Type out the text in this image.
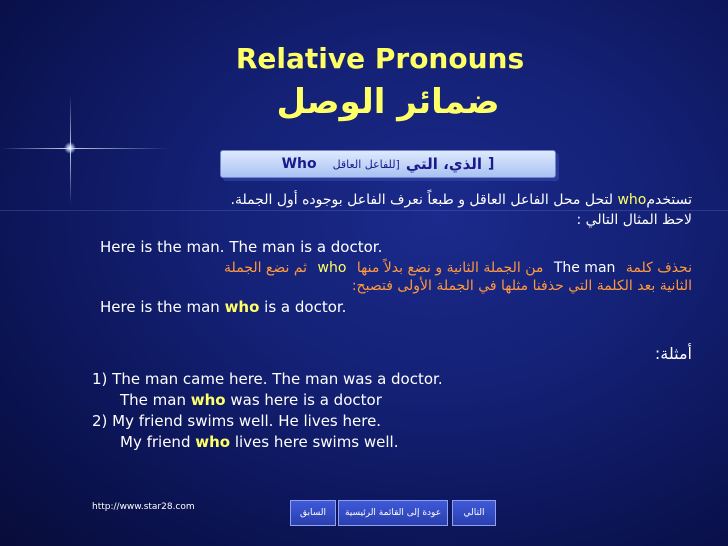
Relative Pronouns
ضمائر الوصل
[
الذي، التي
[للفاعل العاقل
Who
تستخدمwho لتحل محل الفاعل العاقل و طبعاً نعرف الفاعل بوجوده أول الجملة.
لاحظ المثال التالي :
Here is the man. The man is a doctor.
نحذف كلمة The man من الجملة الثانية و نضع بدلاً منها who ثم نضع الجملة
الثانية بعد الكلمة التي حذفنا مثلها في الجملة الأولى فتصبح:
Here is the man who is a doctor.
أمثلة:
1) The man came here. The man was a doctor.
The man who was here is a doctor
2) My friend swims well. He lives here.
My friend who lives here swims well.
http://www.star28.com
السابق	عودة إلى القائمة الرئيسية	التالي
